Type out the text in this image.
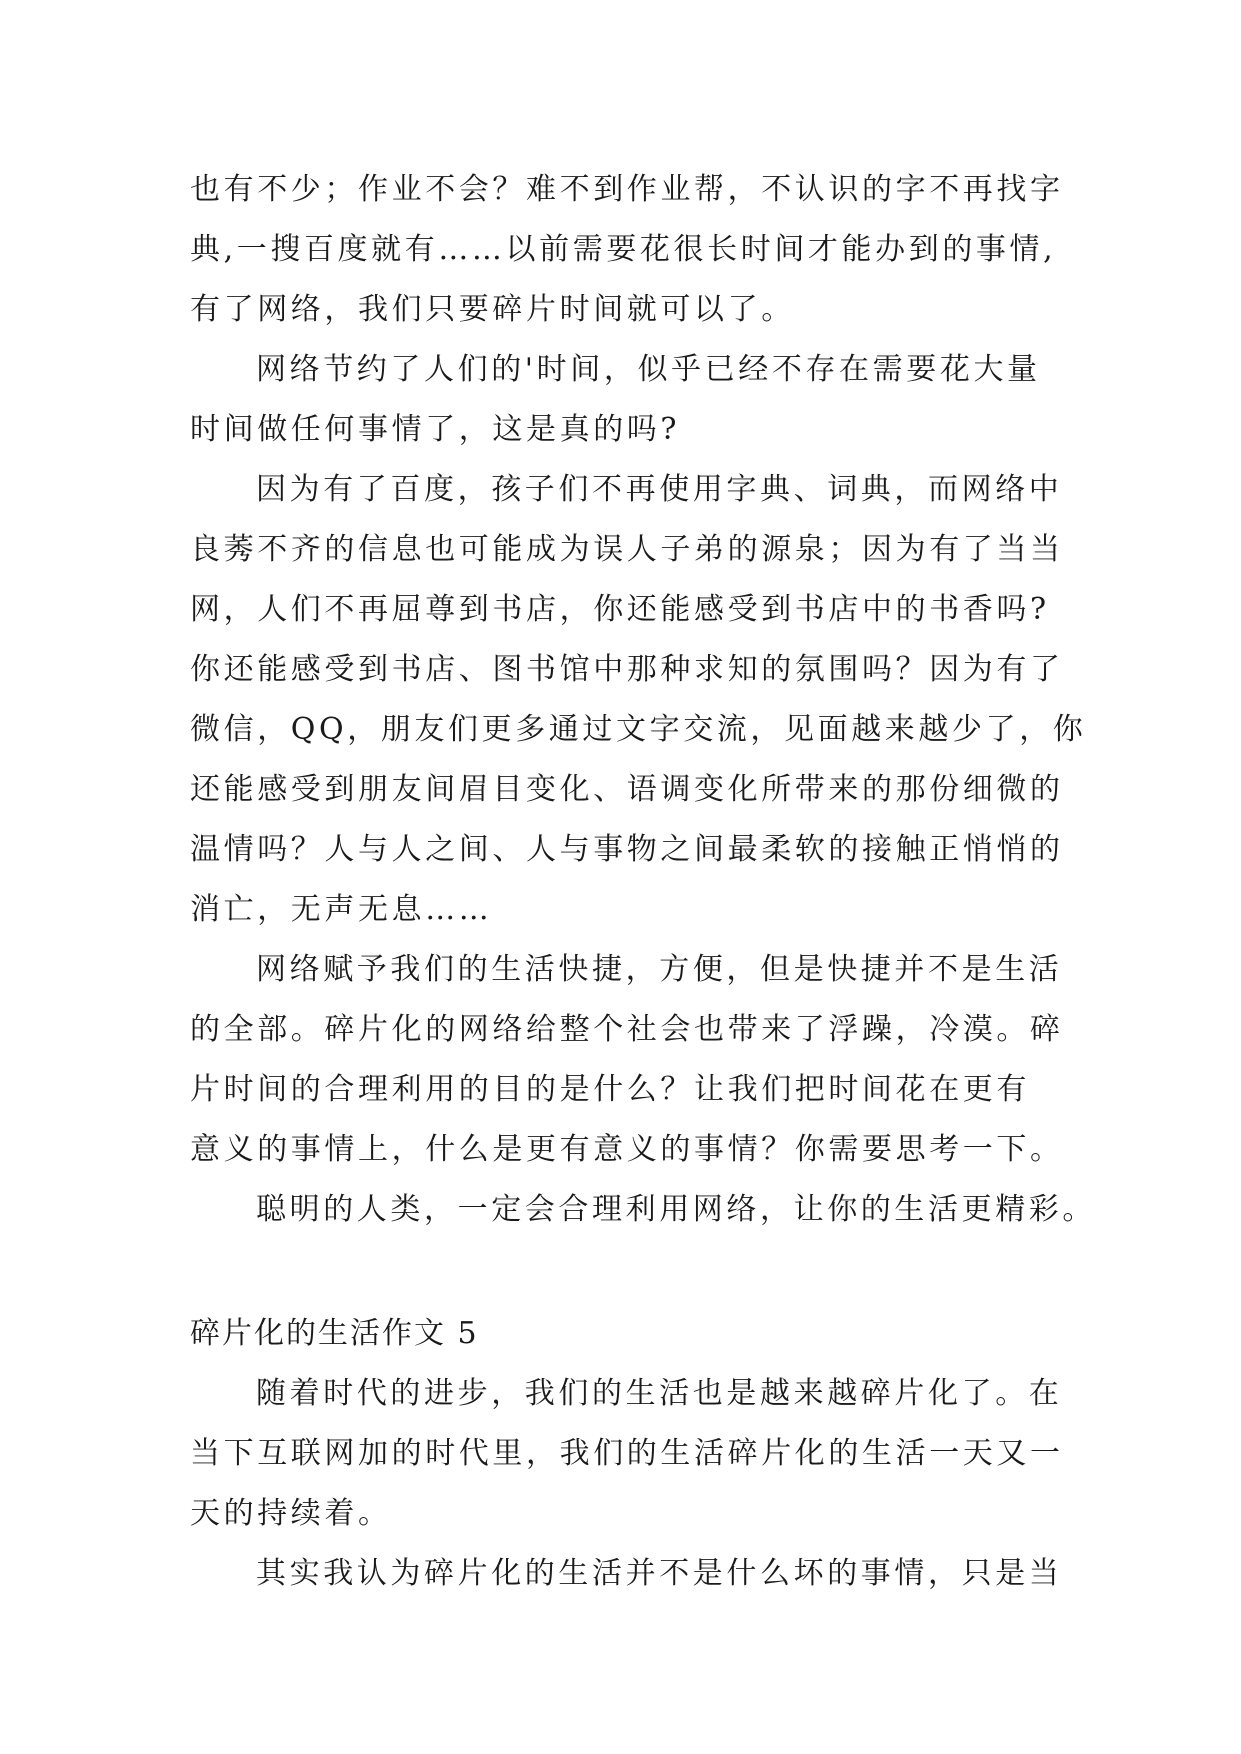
也有不少；作业不会？难不到作业帮，不认识的字不再找字
典,一搜百度就有……以前需要花很长时间才能办到的事情,
有了网络，我们只要碎片时间就可以了。
网络节约了人们的'时间，似乎已经不存在需要花大量
时间做任何事情了，这是真的吗?
因为有了百度，孩子们不再使用字典、词典，而网络中
良莠不齐的信息也可能成为误人子弟的源泉；因为有了当当
网，人们不再屈尊到书店，你还能感受到书店中的书香吗?
你还能感受到书店、图书馆中那种求知的氛围吗？因为有了
微信，QQ，朋友们更多通过文字交流，见面越来越少了，你
还能感受到朋友间眉目变化、语调变化所带来的那份细微的
温情吗？人与人之间、人与事物之间最柔软的接触正悄悄的
消亡，无声无息……
网络赋予我们的生活快捷，方便，但是快捷并不是生活
的全部。碎片化的网络给整个社会也带来了浮躁，冷漠。碎
片时间的合理利用的目的是什么？让我们把时间花在更有
意义的事情上，什么是更有意义的事情？你需要思考一下。
聪明的人类，一定会合理利用网络，让你的生活更精彩。
碎片化的生活作文 5
随着时代的进步，我们的生活也是越来越碎片化了。在
当下互联网加的时代里，我们的生活碎片化的生活一天又一
天的持续着。
其实我认为碎片化的生活并不是什么坏的事情，只是当
